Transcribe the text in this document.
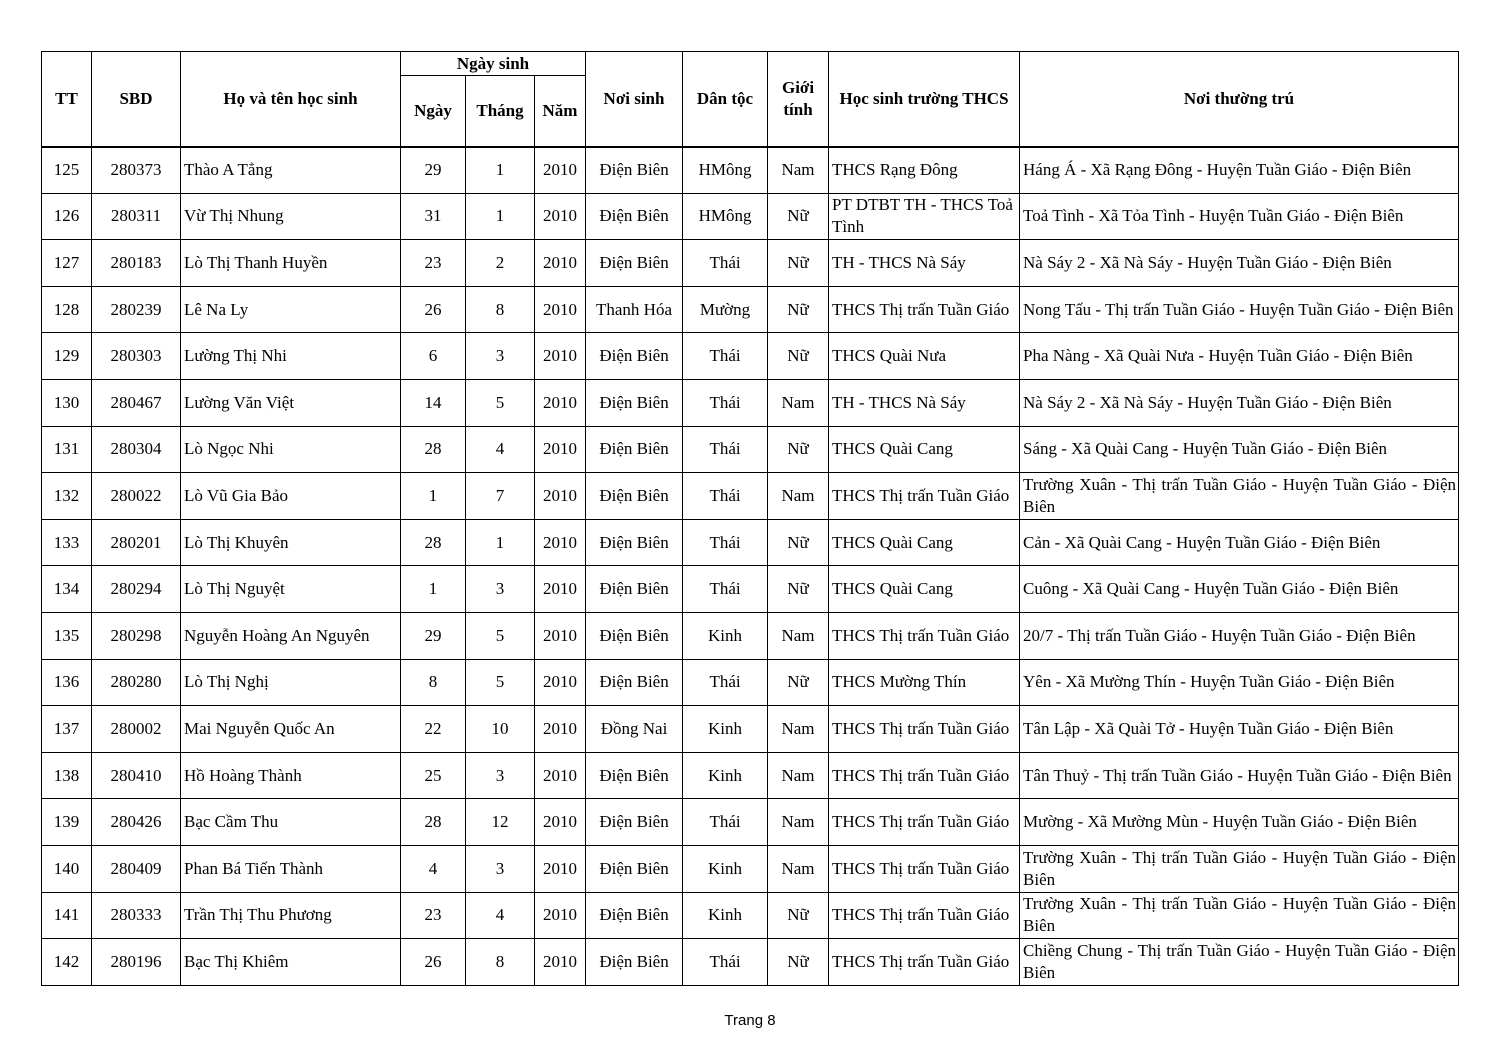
TT	SBD	Họ và tên học sinh	Ngày sinh			Nơi sinh	Dân tộc	Giới tính	Học sinh trường THCS	Nơi thường trú
			Ngày	Tháng	Năm					
125	280373	Thào A Tẳng	29	1	2010	Điện Biên	HMông	Nam	THCS Rạng Đông	Háng Á - Xã Rạng Đông - Huyện Tuần Giáo - Điện Biên
126	280311	Vừ Thị Nhung	31	1	2010	Điện Biên	HMông	Nữ	PT DTBT TH - THCS Toả Tình	Toả Tình - Xã Tỏa Tình - Huyện Tuần Giáo - Điện Biên
127	280183	Lò Thị Thanh Huyền	23	2	2010	Điện Biên	Thái	Nữ	TH - THCS Nà Sáy	Nà Sáy 2 - Xã Nà Sáy - Huyện Tuần Giáo - Điện Biên
128	280239	Lê Na Ly	26	8	2010	Thanh Hóa	Mường	Nữ	THCS Thị trấn Tuần Giáo	Nong Tấu - Thị trấn Tuần Giáo - Huyện Tuần Giáo - Điện Biên
129	280303	Lường Thị Nhi	6	3	2010	Điện Biên	Thái	Nữ	THCS Quài Nưa	Pha Nàng - Xã Quài Nưa - Huyện Tuần Giáo - Điện Biên
130	280467	Lường Văn Việt	14	5	2010	Điện Biên	Thái	Nam	TH - THCS Nà Sáy	Nà Sáy 2 - Xã Nà Sáy - Huyện Tuần Giáo - Điện Biên
131	280304	Lò Ngọc Nhi	28	4	2010	Điện Biên	Thái	Nữ	THCS Quài Cang	Sáng - Xã Quài Cang - Huyện Tuần Giáo - Điện Biên
132	280022	Lò Vũ Gia Bảo	1	7	2010	Điện Biên	Thái	Nam	THCS Thị trấn Tuần Giáo	Trường Xuân - Thị trấn Tuần Giáo - Huyện Tuần Giáo - Điện Biên
133	280201	Lò Thị Khuyên	28	1	2010	Điện Biên	Thái	Nữ	THCS Quài Cang	Cản - Xã Quài Cang - Huyện Tuần Giáo - Điện Biên
134	280294	Lò Thị Nguyệt	1	3	2010	Điện Biên	Thái	Nữ	THCS Quài Cang	Cuông - Xã Quài Cang - Huyện Tuần Giáo - Điện Biên
135	280298	Nguyễn Hoàng An Nguyên	29	5	2010	Điện Biên	Kinh	Nam	THCS Thị trấn Tuần Giáo	20/7 - Thị trấn Tuần Giáo - Huyện Tuần Giáo - Điện Biên
136	280280	Lò Thị Nghị	8	5	2010	Điện Biên	Thái	Nữ	THCS Mường Thín	Yên - Xã Mường Thín - Huyện Tuần Giáo - Điện Biên
137	280002	Mai Nguyễn Quốc An	22	10	2010	Đồng Nai	Kinh	Nam	THCS Thị trấn Tuần Giáo	Tân Lập - Xã Quài Tở - Huyện Tuần Giáo - Điện Biên
138	280410	Hồ Hoàng Thành	25	3	2010	Điện Biên	Kinh	Nam	THCS Thị trấn Tuần Giáo	Tân Thuỷ - Thị trấn Tuần Giáo - Huyện Tuần Giáo - Điện Biên
139	280426	Bạc Cầm Thu	28	12	2010	Điện Biên	Thái	Nam	THCS Thị trấn Tuần Giáo	Mường - Xã Mường Mùn - Huyện Tuần Giáo - Điện Biên
140	280409	Phan Bá Tiến Thành	4	3	2010	Điện Biên	Kinh	Nam	THCS Thị trấn Tuần Giáo	Trường Xuân - Thị trấn Tuần Giáo - Huyện Tuần Giáo - Điện Biên
141	280333	Trần Thị Thu Phương	23	4	2010	Điện Biên	Kinh	Nữ	THCS Thị trấn Tuần Giáo	Trường Xuân - Thị trấn Tuần Giáo - Huyện Tuần Giáo - Điện Biên
142	280196	Bạc Thị Khiêm	26	8	2010	Điện Biên	Thái	Nữ	THCS Thị trấn Tuần Giáo	Chiềng Chung - Thị trấn Tuần Giáo - Huyện Tuần Giáo - Điện Biên
Trang 8
